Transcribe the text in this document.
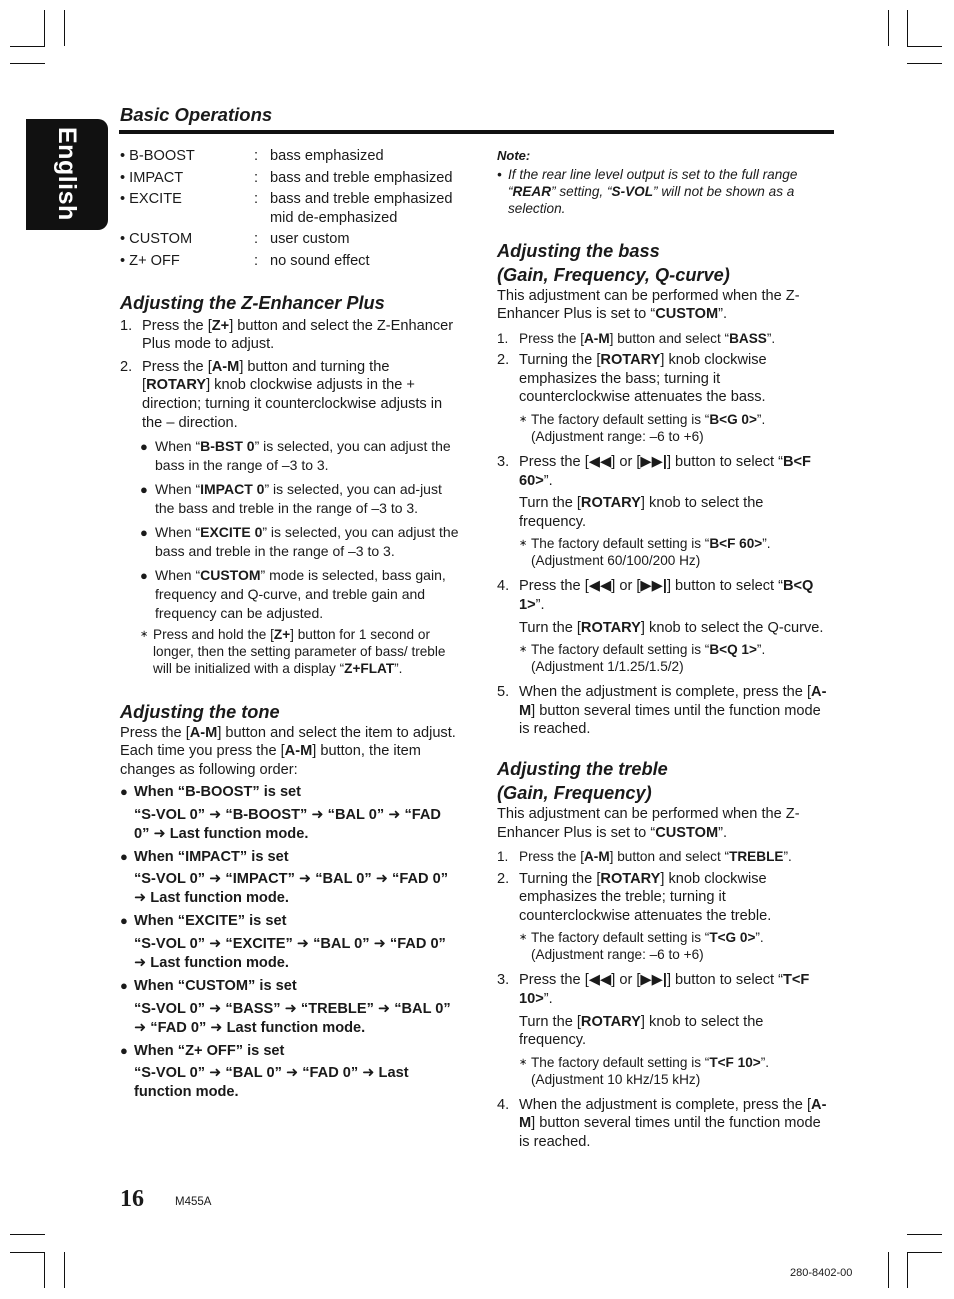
English
Basic Operations
• B-BOOST	: bass emphasized
• IMPACT	: bass and treble emphasized
• EXCITE	: bass and treble emphasized mid de-emphasized
• CUSTOM	: user custom
• Z+ OFF	: no sound effect
Adjusting the Z-Enhancer Plus
1. Press the [Z+] button and select the Z-Enhancer Plus mode to adjust.
2. Press the [A-M] button and turning the [ROTARY] knob clockwise adjusts in the + direction; turning it counterclockwise adjusts in the – direction.
● When “B-BST 0” is selected, you can adjust the bass in the range of –3 to 3.
● When “IMPACT 0” is selected, you can ad-just the bass and treble in the range of –3 to 3.
● When “EXCITE 0” is selected, you can adjust the bass and treble in the range of –3 to 3.
● When “CUSTOM” mode is selected, bass gain, frequency and Q-curve, and treble gain and frequency can be adjusted.
∗ Press and hold the [Z+] button for 1 second or longer, then the setting parameter of bass/ treble will be initialized with a display “Z+FLAT”.
Adjusting the tone
Press the [A-M] button and select the item to adjust. Each time you press the [A-M] button, the item changes as following order:
● When “B-BOOST” is set
“S-VOL 0” ➜ “B-BOOST” ➜ “BAL 0” ➜ “FAD 0” ➜ Last function mode.
● When “IMPACT” is set
“S-VOL 0” ➜ “IMPACT” ➜ “BAL 0” ➜ “FAD 0” ➜ Last function mode.
● When “EXCITE” is set
“S-VOL 0” ➜ “EXCITE” ➜ “BAL 0” ➜ “FAD 0” ➜ Last function mode.
● When “CUSTOM” is set
“S-VOL 0” ➜ “BASS” ➜ “TREBLE” ➜ “BAL 0” ➜ “FAD 0” ➜ Last function mode.
● When “Z+ OFF” is set
“S-VOL 0” ➜ “BAL 0” ➜ “FAD 0” ➜ Last function mode.
Note:
• If the rear line level output is set to the full range “REAR” setting, “S-VOL” will not be shown as a selection.
Adjusting the bass
(Gain, Frequency, Q-curve)
This adjustment can be performed when the Z-Enhancer Plus is set to “CUSTOM”.
1. Press the [A-M] button and select “BASS”.
2. Turning the [ROTARY] knob clockwise emphasizes the bass; turning it counterclockwise attenuates the bass.
∗ The factory default setting is “B<G 0>”. (Adjustment range: –6 to +6)
3. Press the [◀◀] or [▶▶|] button to select “B<F 60>”.
Turn the [ROTARY] knob to select the frequency.
∗ The factory default setting is “B<F 60>”. (Adjustment 60/100/200 Hz)
4. Press the [◀◀] or [▶▶|] button to select “B<Q 1>”.
Turn the [ROTARY] knob to select the Q-curve.
∗ The factory default setting is “B<Q 1>”. (Adjustment 1/1.25/1.5/2)
5. When the adjustment is complete, press the [A-M] button several times until the function mode is reached.
Adjusting the treble
(Gain, Frequency)
This adjustment can be performed when the Z-Enhancer Plus is set to “CUSTOM”.
1. Press the [A-M] button and select “TREBLE”.
2. Turning the [ROTARY] knob clockwise emphasizes the treble; turning it counterclockwise attenuates the treble.
∗ The factory default setting is “T<G 0>”. (Adjustment range: –6 to +6)
3. Press the [◀◀] or [▶▶|] button to select “T<F 10>”.
Turn the [ROTARY] knob to select the frequency.
∗ The factory default setting is “T<F 10>”. (Adjustment 10 kHz/15 kHz)
4. When the adjustment is complete, press the [A-M] button several times until the function mode is reached.
16	M455A
280-8402-00
